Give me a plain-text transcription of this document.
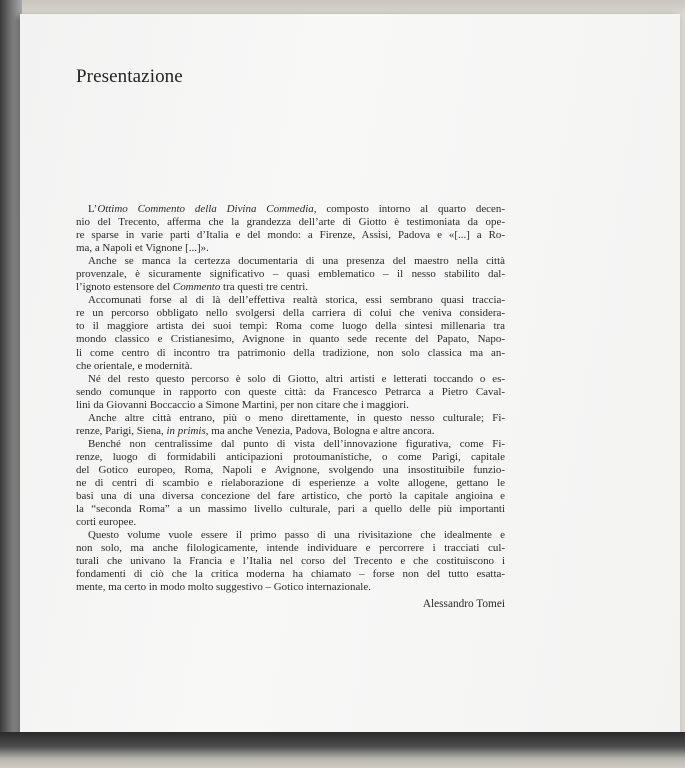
Presentazione
L’Ottimo Commento della Divina Commedia, composto intorno al quarto decen-
nio del Trecento, afferma che la grandezza dell’arte di Giotto è testimoniata da ope-
re sparse in varie parti d’Italia e del mondo: a Firenze, Assisi, Padova e «[...] a Ro-
ma, a Napoli et Vignone [...]».
Anche se manca la certezza documentaria di una presenza del maestro nella città
provenzale, è sicuramente significativo – quasi emblematico – il nesso stabilito dal-
l’ignoto estensore del Commento tra questi tre centri.
Accomunati forse al di là dell’effettiva realtà storica, essi sembrano quasi traccia-
re un percorso obbligato nello svolgersi della carriera di colui che veniva considera-
to il maggiore artista dei suoi tempi: Roma come luogo della sintesi millenaria tra
mondo classico e Cristianesimo, Avignone in quanto sede recente del Papato, Napo-
li come centro di incontro tra patrimonio della tradizione, non solo classica ma an-
che orientale, e modernità.
Né del resto questo percorso è solo di Giotto, altri artisti e letterati toccando o es-
sendo comunque in rapporto con queste città: da Francesco Petrarca a Pietro Caval-
lini da Giovanni Boccaccio a Simone Martini, per non citare che i maggiori.
Anche altre città entrano, più o meno direttamente, in questo nesso culturale; Fi-
renze, Parigi, Siena, in primis, ma anche Venezia, Padova, Bologna e altre ancora.
Benché non centralissime dal punto di vista dell’innovazione figurativa, come Fi-
renze, luogo di formidabili anticipazioni protoumanistiche, o come Parigi, capitale
del Gotico europeo, Roma, Napoli e Avignone, svolgendo una insostituibile funzio-
ne di centri di scambio e rielaborazione di esperienze a volte allogene, gettano le
basi una di una diversa concezione del fare artistico, che portò la capitale angioina e
la “seconda Roma” a un massimo livello culturale, pari a quello delle più importanti
corti europee.
Questo volume vuole essere il primo passo di una rivisitazione che idealmente e
non solo, ma anche filologicamente, intende individuare e percorrere i tracciati cul-
turali che univano la Francia e l’Italia nel corso del Trecento e che costituiscono i
fondamenti di ciò che la critica moderna ha chiamato – forse non del tutto esatta-
mente, ma certo in modo molto suggestivo – Gotico internazionale.
Alessandro Tomei
